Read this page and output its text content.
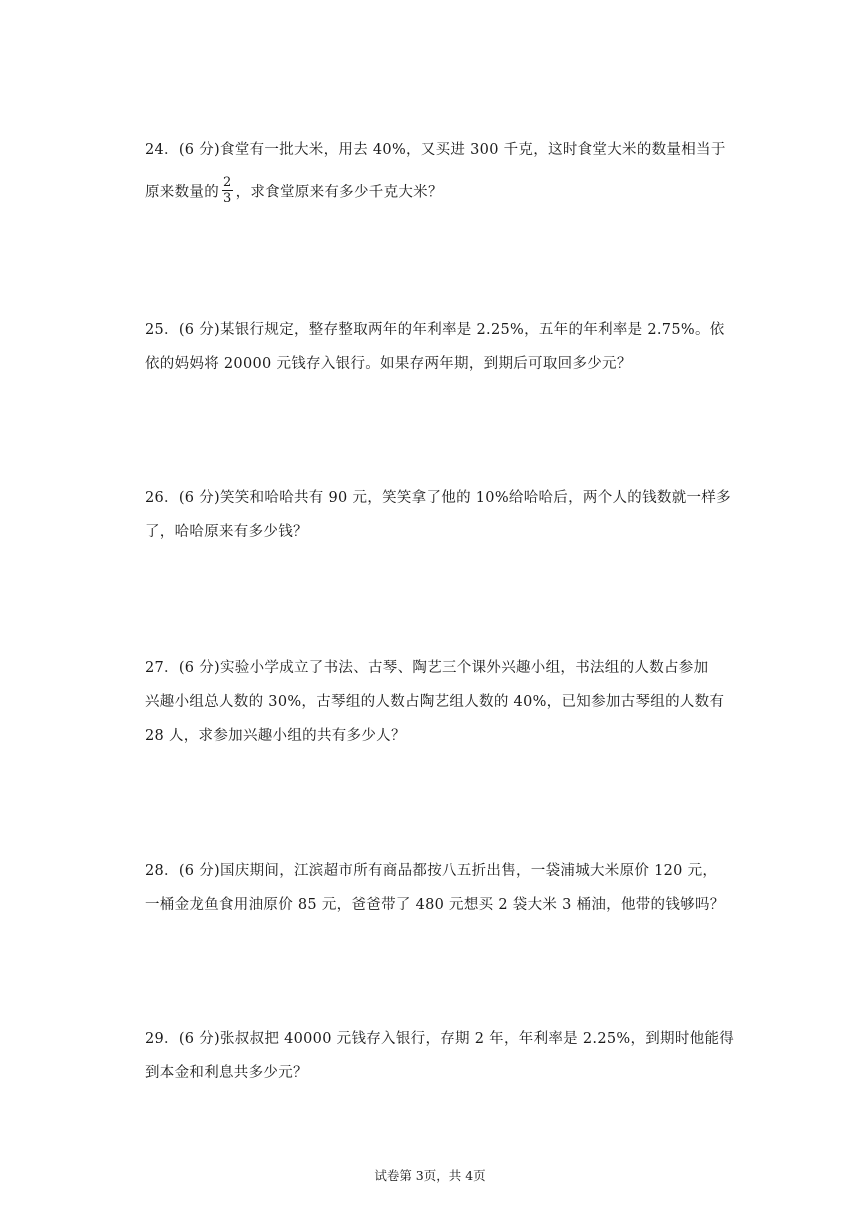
24．(6 分)食堂有一批大米，用去 40%，又买进 300 千克，这时食堂大米的数量相当于
原来数量的 $\frac{2}{3}$ ，求食堂原来有多少千克大米？
25．(6 分)某银行规定，整存整取两年的年利率是 2.25%，五年的年利率是 2.75%。依
依的妈妈将 20000 元钱存入银行。如果存两年期，到期后可取回多少元？
26．(6 分)笑笑和哈哈共有 90 元，笑笑拿了他的 10%给哈哈后，两个人的钱数就一样多
了，哈哈原来有多少钱？
27．(6 分)实验小学成立了书法、古琴、陶艺三个课外兴趣小组，书法组的人数占参加
兴趣小组总人数的 30%，古琴组的人数占陶艺组人数的 40%，已知参加古琴组的人数有
28 人，求参加兴趣小组的共有多少人？
28．(6 分)国庆期间，江滨超市所有商品都按八五折出售，一袋浦城大米原价 120 元，
一桶金龙鱼食用油原价 85 元，爸爸带了 480 元想买 2 袋大米 3 桶油，他带的钱够吗？
29．(6 分)张叔叔把 40000 元钱存入银行，存期 2 年，年利率是 2.25%，到期时他能得
到本金和利息共多少元？
试卷第 3页，共 4页
